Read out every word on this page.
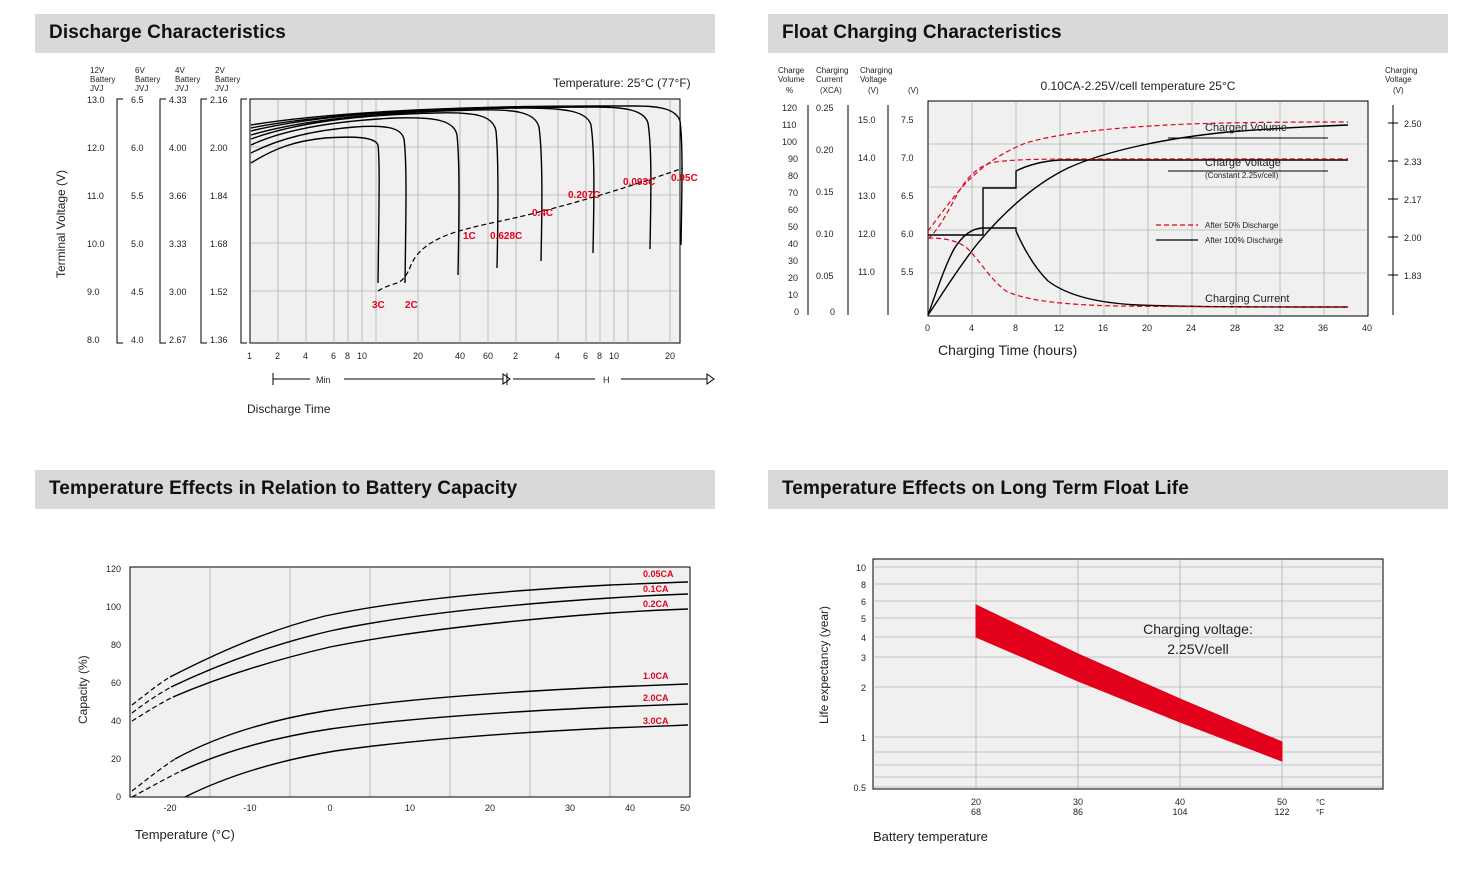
Discharge Characteristics
12V
Battery
JVJ
6V
Battery
JVJ
4V
Battery
JVJ
2V
Battery
JVJ
13.0
12.0
11.0
10.0
9.0
8.0
6.5
6.0
5.5
5.0
4.5
4.0
4.33
4.00
3.66
3.33
3.00
2.67
2.16
2.00
1.84
1.68
1.52
1.36
Terminal Voltage (V)
3C 2C
1C 0.628C
0.4C
0.207C
0.093C 0.05C
Temperature: 25°C (77°F)
1	2	4	6 8 10	20	40 60 2	4	6 8 10	20
Min	H
Discharge Time
Float Charging Characteristics
Charge
Volume
%
Charging
Current
(XCA)
Charging
Voltage
(V)	(V)
Charging
Voltage
(V)
0.10CA-2.25V/cell temperature 25°C
120
110
100
90
80
70
60
50
40
30
20
10
0
0.25
0.20
0.15
0.10
0.05
0
15.0
14.0
13.0
12.0
11.0
7.5
7.0
6.5
6.0
5.5
Charged Volume
Charge Voltage
(Constant 2.25v/cell)
Charging Current
After 50% Discharge
After 100% Discharge
2.50
2.33
2.17
2.00
1.83
0	4	8	12	16	20	24	28	32	36	40
Charging Time (hours)
Temperature Effects in Relation to Battery Capacity
120
100
80
60
40
20
0
Capacity (%)
0.05CA
0.1CA
0.2CA
1.0CA
2.0CA
3.0CA
-20	-10	0	10	20	30	40	50
Temperature (°C)
Temperature Effects on Long Term Float Life
10
8
6
5
4
3
2
1
0.5
Life expectancy (year)	Charging voltage:
2.25V/cell
20	30	40	50
68	86	104	122
°C
°F
Battery temperature
